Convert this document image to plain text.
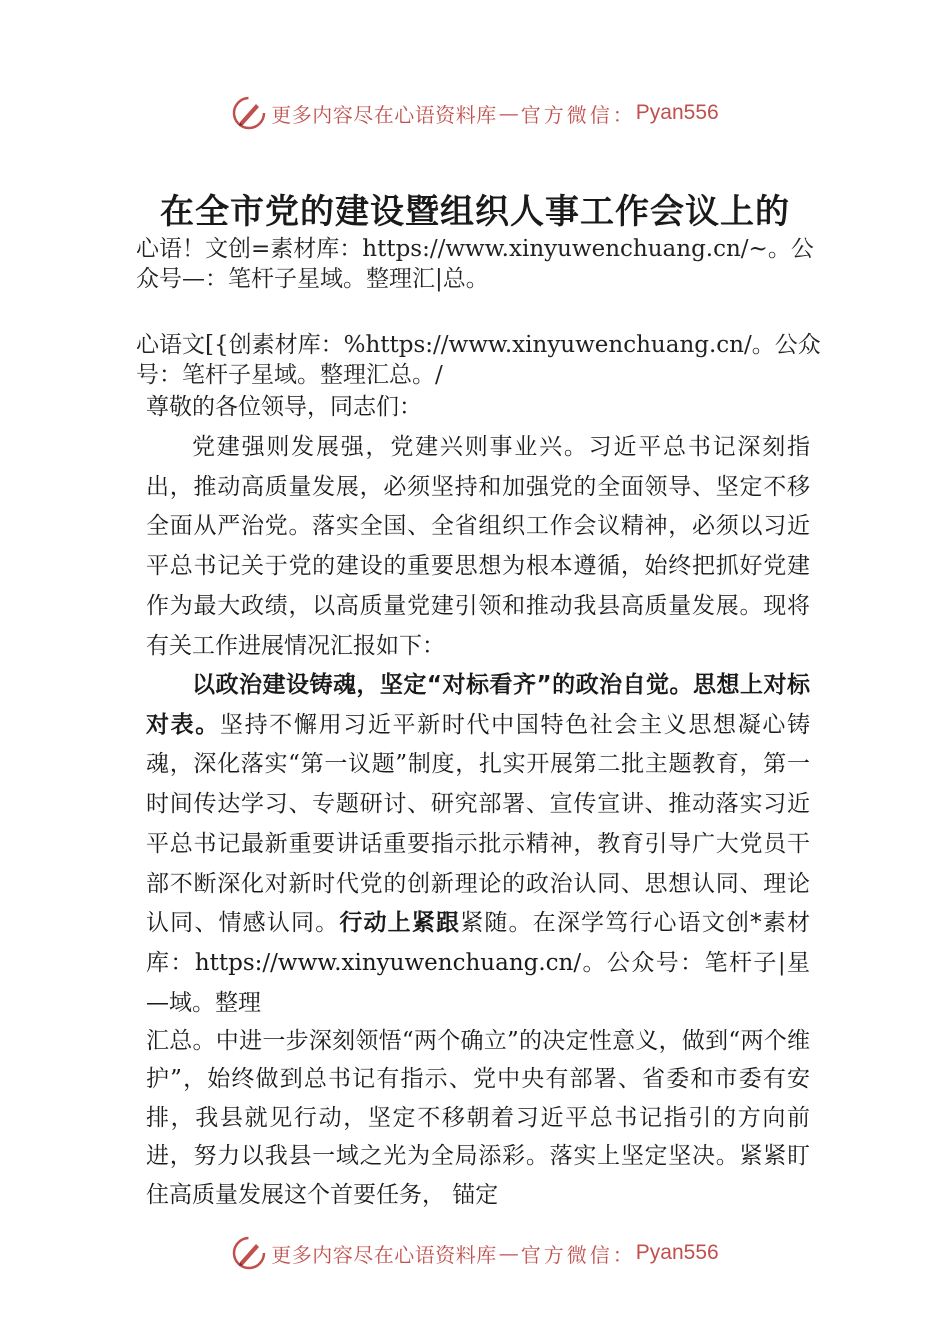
更多内容尽在心语资料库 — 官方微信： Pyan556
在全市党的建设暨组织人事工作会议上的

心语！文创=素材库：https://www.xinyuwenchuang.cn/~。公众号—：笔杆子星域。整理汇|总。

心语文[{创素材库：%https://www.xinyuwenchuang.cn/。公众号：笔杆子星域。整理汇总。/

尊敬的各位领导，同志们：

党建强则发展强，党建兴则事业兴。习近平总书记深刻指出，推动高质量发展，必须坚持和加强党的全面领导、坚定不移全面从严治党。落实全国、全省组织工作会议精神，必须以习近平总书记关于党的建设的重要思想为根本遵循，始终把抓好党建作为最大政绩，以高质量党建引领和推动我县高质量发展。现将有关工作进展情况汇报如下：

以政治建设铸魂，坚定“对标看齐”的政治自觉。思想上对标对表。坚持不懈用习近平新时代中国特色社会主义思想凝心铸魂，深化落实“第一议题”制度，扎实开展第二批主题教育，第一时间传达学习、专题研讨、研究部署、宣传宣讲、推动落实习近平总书记最新重要讲话重要指示批示精神，教育引导广大党员干部不断深化对新时代党的创新理论的政治认同、思想认同、理论认同、情感认同。行动上紧跟紧随。在深学笃行心语文创*素材库：https://www.xinyuwenchuang.cn/。公众号：笔杆子|星—域。整理

汇总。中进一步深刻领悟“两个确立”的决定性意义，做到“两个维护”，始终做到总书记有指示、党中央有部署、省委和市委有安排，我县就见行动，坚定不移朝着习近平总书记指引的方向前进，努力以我县一域之光为全局添彩。落实上坚定坚决。紧紧盯住高质量发展这个首要任务， 锚定

更多内容尽在心语资料库 — 官方微信： Pyan556
